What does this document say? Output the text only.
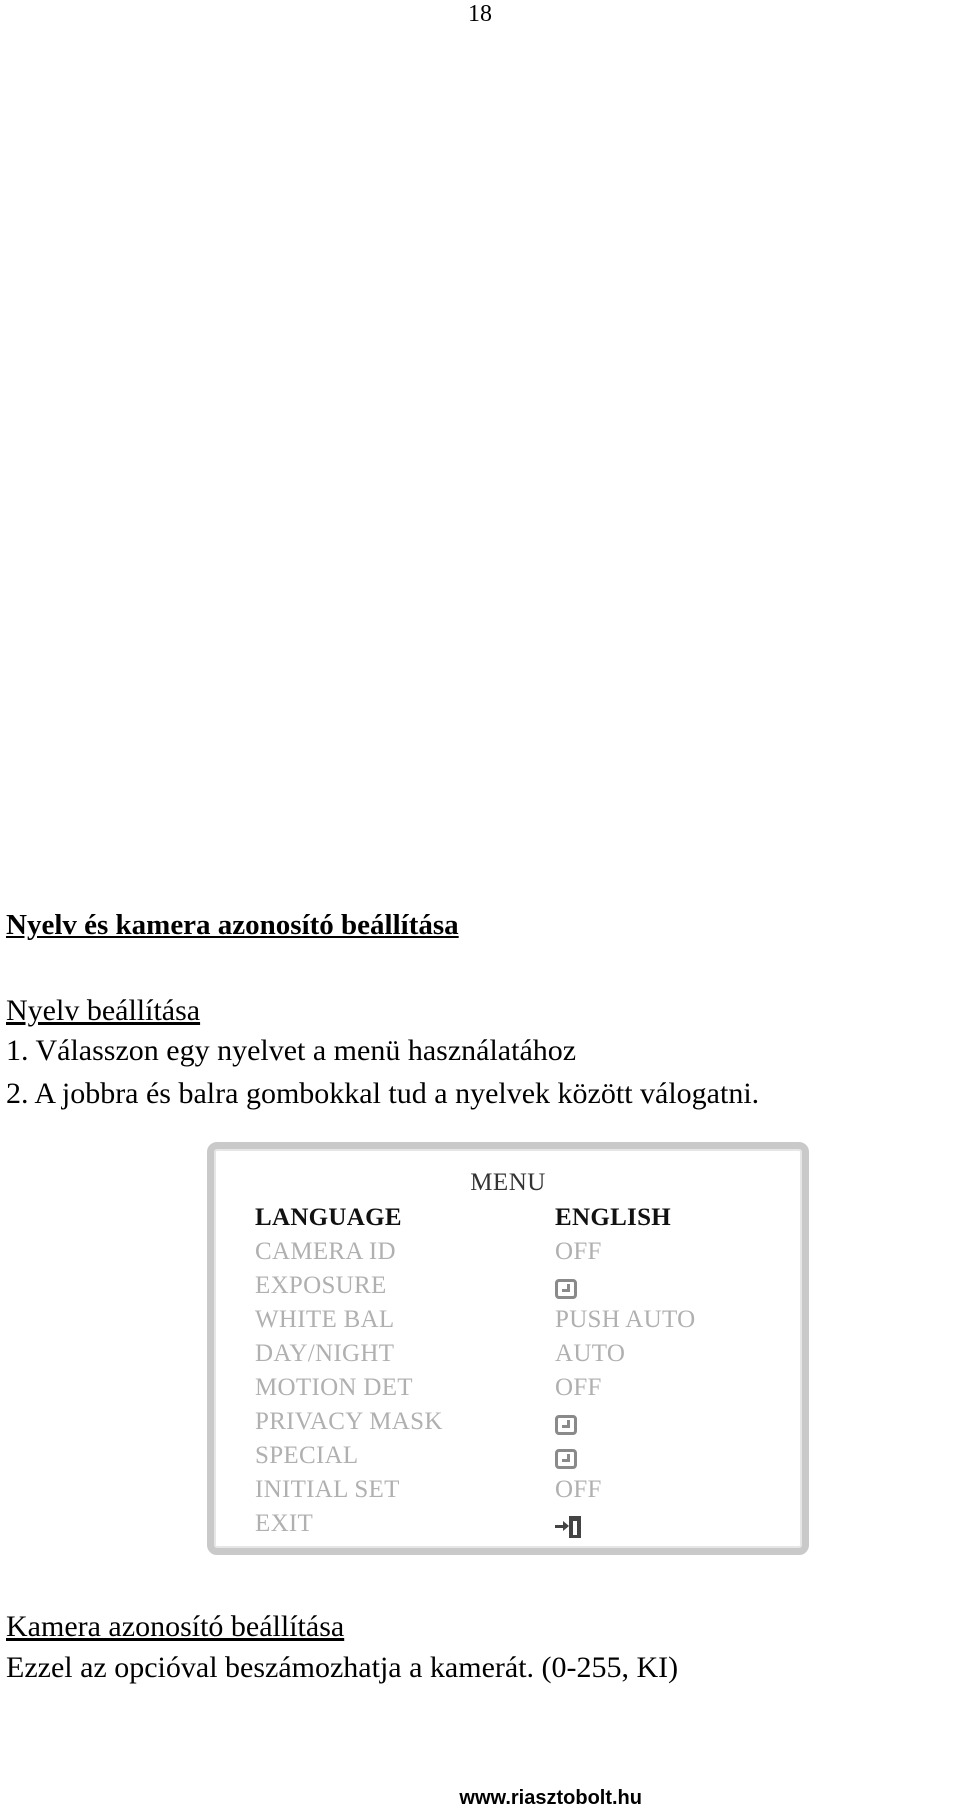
18
Nyelv és kamera azonosító beállítása
Nyelv beállítása
1. Válasszon egy nyelvet a menü használatához
2. A jobbra és balra gombokkal tud a nyelvek között válogatni.
MENU
LANGUAGE	ENGLISH
CAMERA ID	OFF
EXPOSURE
WHITE BAL	PUSH AUTO
DAY/NIGHT	AUTO
MOTION DET	OFF
PRIVACY MASK
SPECIAL
INITIAL SET	OFF
EXIT
Kamera azonosító beállítása
Ezzel az opcióval beszámozhatja a kamerát. (0-255, KI)
www.riasztobolt.hu
